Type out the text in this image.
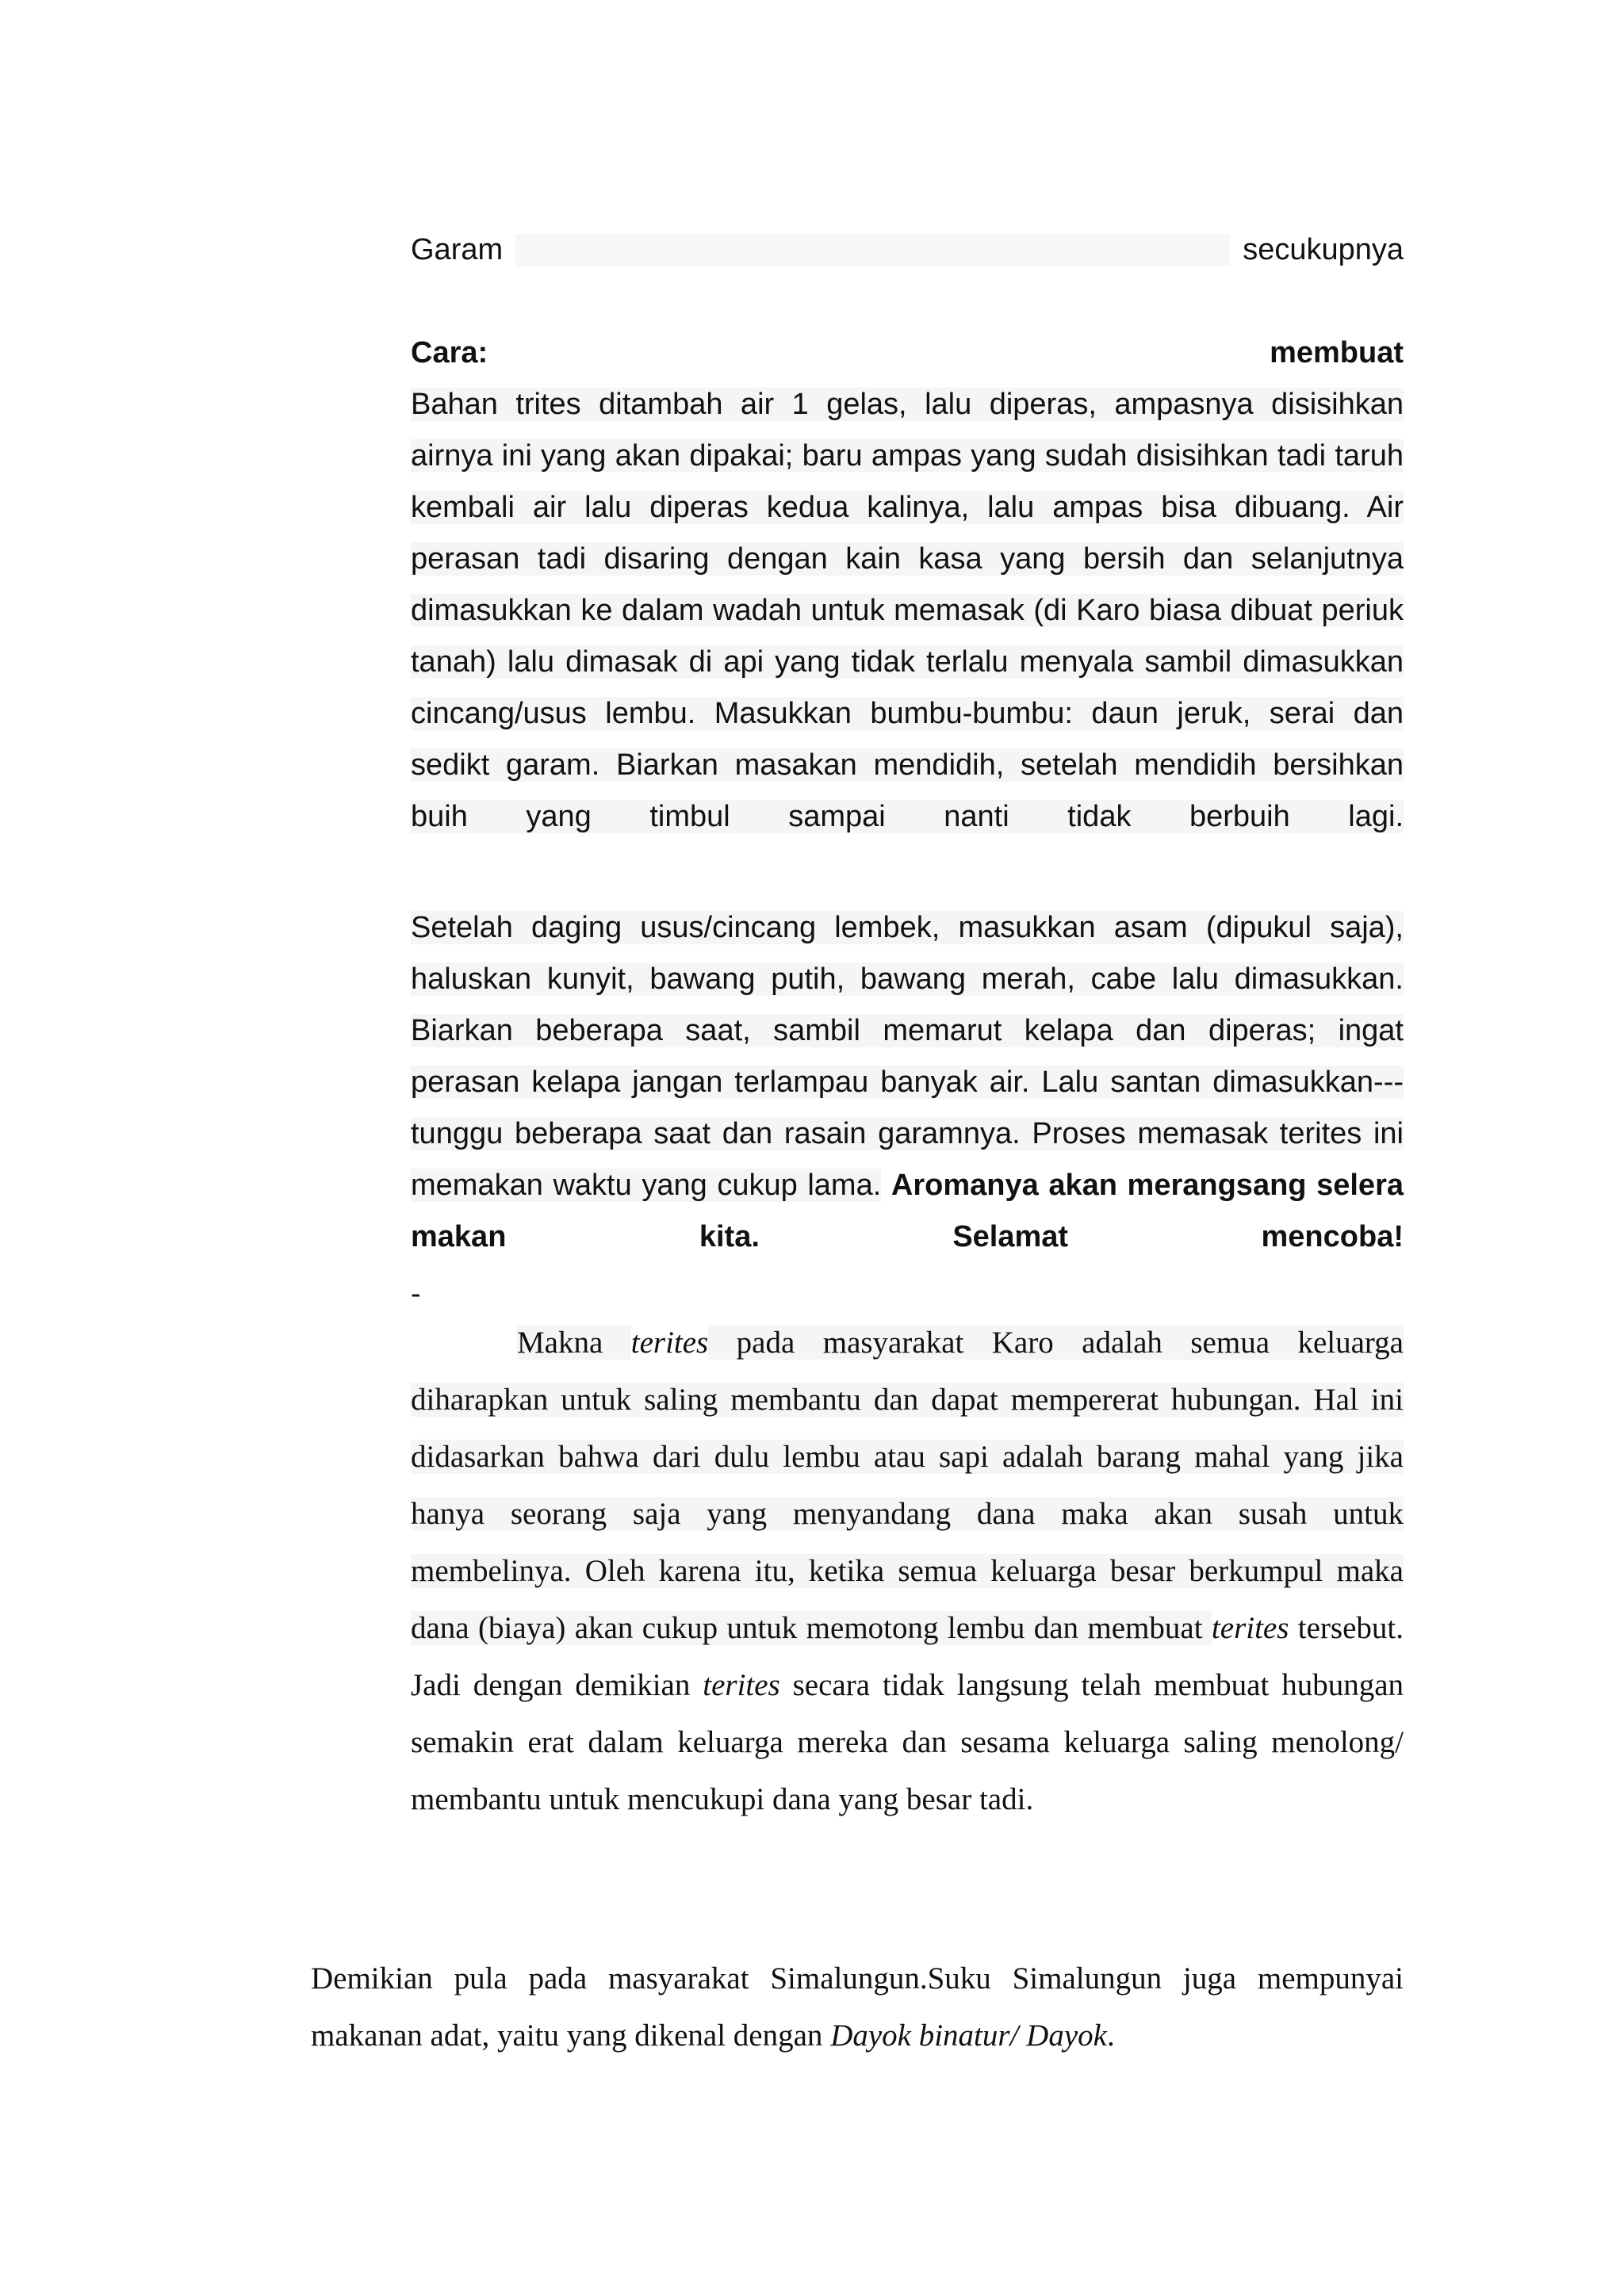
Garam	secukupnya
Cara: membuat
Bahan trites ditambah air 1 gelas, lalu diperas, ampasnya disisihkan airnya ini yang akan dipakai; baru ampas yang sudah disisihkan tadi taruh kembali air lalu diperas kedua kalinya, lalu ampas bisa dibuang. Air perasan tadi disaring dengan kain kasa yang bersih dan selanjutnya dimasukkan ke dalam wadah untuk memasak (di Karo biasa dibuat periuk tanah) lalu dimasak di api yang tidak terlalu menyala sambil dimasukkan cincang/usus lembu. Masukkan bumbu-bumbu: daun jeruk, serai dan sedikt garam. Biarkan masakan mendidih, setelah mendidih bersihkan buih yang timbul sampai nanti tidak berbuih lagi.
Setelah daging usus/cincang lembek, masukkan asam (dipukul saja), haluskan kunyit, bawang putih, bawang merah, cabe lalu dimasukkan. Biarkan beberapa saat, sambil memarut kelapa dan diperas; ingat perasan kelapa jangan terlampau banyak air. Lalu santan dimasukkan--- tunggu beberapa saat dan rasain garamnya. Proses memasak terites ini memakan waktu yang cukup lama. Aromanya akan merangsang selera makan kita. Selamat mencoba!
-
Makna terites pada masyarakat Karo adalah semua keluarga diharapkan untuk saling membantu dan dapat mempererat hubungan. Hal ini didasarkan bahwa dari dulu lembu atau sapi adalah barang mahal yang jika hanya seorang saja yang menyandang dana maka akan susah untuk membelinya. Oleh karena itu, ketika semua keluarga besar berkumpul maka dana (biaya) akan cukup untuk memotong lembu dan membuat terites tersebut. Jadi dengan demikian terites secara tidak langsung telah membuat hubungan semakin erat dalam keluarga mereka dan sesama keluarga saling menolong/ membantu untuk mencukupi dana yang besar tadi.
Demikian pula pada masyarakat Simalungun.Suku Simalungun juga mempunyai makanan adat, yaitu yang dikenal dengan Dayok binatur/ Dayok.
